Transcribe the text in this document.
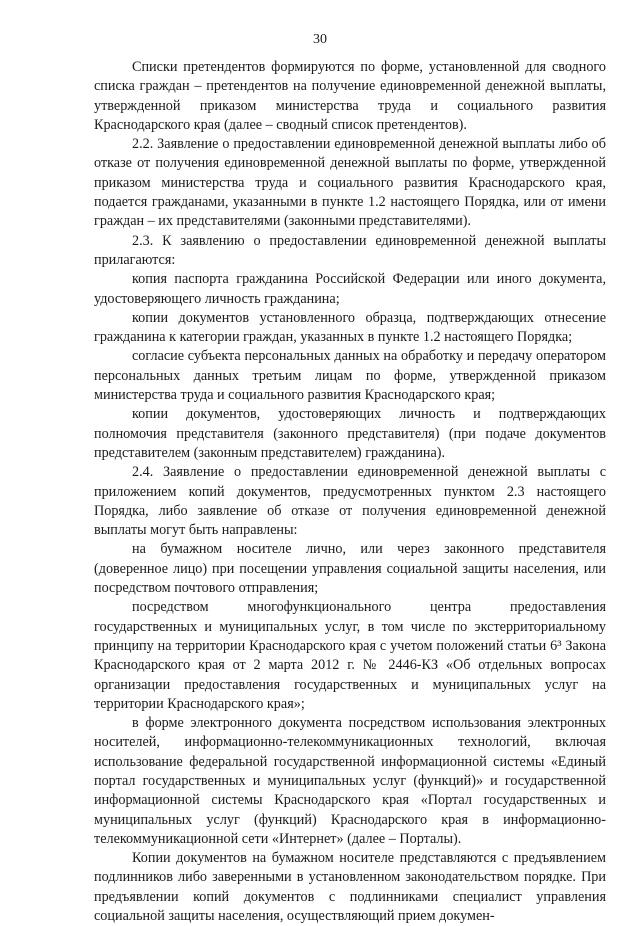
30

Списки претендентов формируются по форме, установленной для сводного списка граждан – претендентов на получение единовременной денежной выплаты, утвержденной приказом министерства труда и социального развития Краснодарского края (далее – сводный список претендентов).

2.2. Заявление о предоставлении единовременной денежной выплаты либо об отказе от получения единовременной денежной выплаты по форме, утвержденной приказом министерства труда и социального развития Краснодарского края, подается гражданами, указанными в пункте 1.2 настоящего Порядка, или от имени граждан – их представителями (законными представителями).

2.3. К заявлению о предоставлении единовременной денежной выплаты прилагаются:

копия паспорта гражданина Российской Федерации или иного документа, удостоверяющего личность гражданина;

копии документов установленного образца, подтверждающих отнесение гражданина к категории граждан, указанных в пункте 1.2 настоящего Порядка;

согласие субъекта персональных данных на обработку и передачу оператором персональных данных третьим лицам по форме, утвержденной приказом министерства труда и социального развития Краснодарского края;

копии документов, удостоверяющих личность и подтверждающих полномочия представителя (законного представителя) (при подаче документов представителем (законным представителем) гражданина).

2.4. Заявление о предоставлении единовременной денежной выплаты с приложением копий документов, предусмотренных пунктом 2.3 настоящего Порядка, либо заявление об отказе от получения единовременной денежной выплаты могут быть направлены:

на бумажном носителе лично, или через законного представителя (доверенное лицо) при посещении управления социальной защиты населения, или посредством почтового отправления;

посредством многофункционального центра предоставления государственных и муниципальных услуг, в том числе по экстерриториальному принципу на территории Краснодарского края с учетом положений статьи 6³ Закона Краснодарского края от 2 марта 2012 г. № 2446-КЗ «Об отдельных вопросах организации предоставления государственных и муниципальных услуг на территории Краснодарского края»;

в форме электронного документа посредством использования электронных носителей, информационно-телекоммуникационных технологий, включая использование федеральной государственной информационной системы «Единый портал государственных и муниципальных услуг (функций)» и государственной информационной системы Краснодарского края «Портал государственных и муниципальных услуг (функций) Краснодарского края в информационно-телекоммуникационной сети «Интернет» (далее – Порталы).

Копии документов на бумажном носителе представляются с предъявлением подлинников либо заверенными в установленном законодательством порядке. При предъявлении копий документов с подлинниками специалист управления социальной защиты населения, осуществляющий прием докумен-
